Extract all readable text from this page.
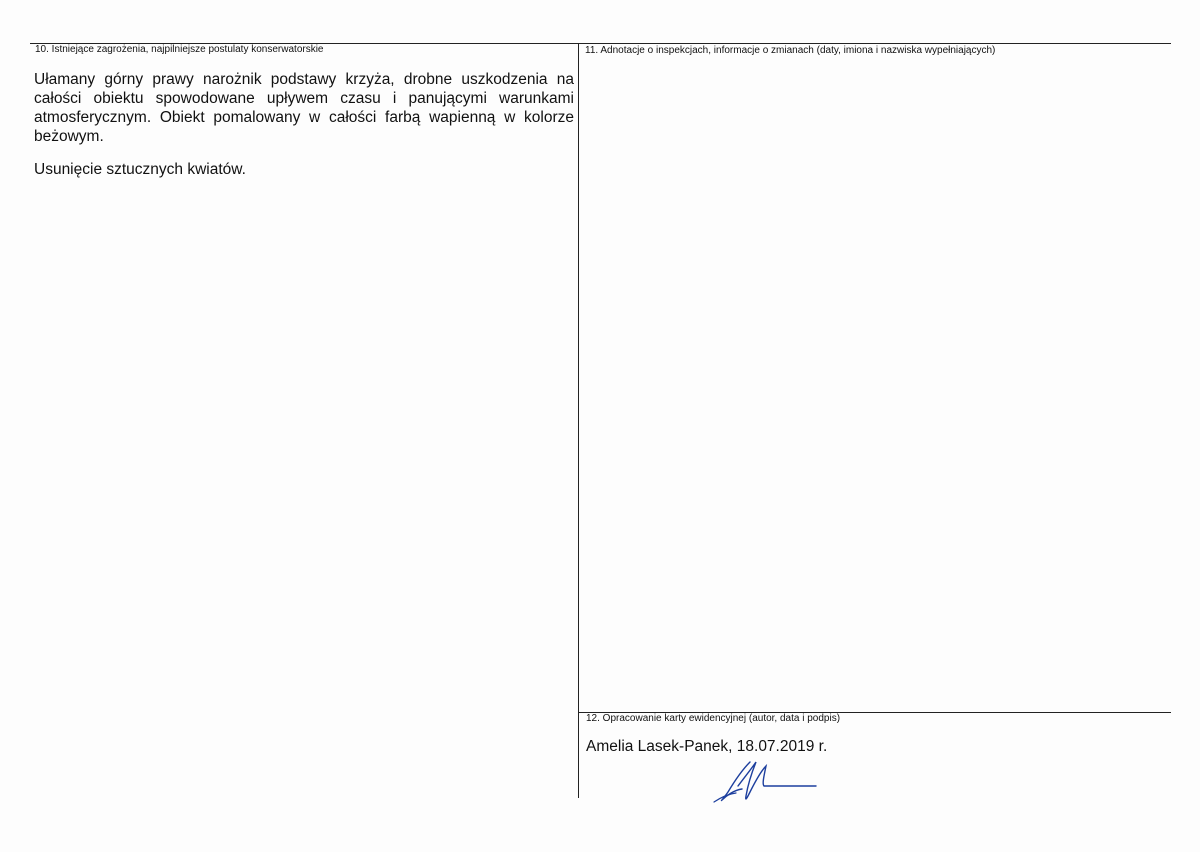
10. Istniejące zagrożenia, najpilniejsze postulaty konserwatorskie

Ułamany górny prawy narożnik podstawy krzyża, drobne uszkodzenia na całości obiektu spowodowane upływem czasu i panującymi warunkami atmosferycznym. Obiekt pomalowany w całości farbą wapienną w kolorze beżowym.

Usunięcie sztucznych kwiatów.

11. Adnotacje o inspekcjach, informacje o zmianach (daty, imiona i nazwiska wypełniających)
12. Opracowanie karty ewidencyjnej (autor, data i podpis)
Amelia Lasek-Panek, 18.07.2019 r.
